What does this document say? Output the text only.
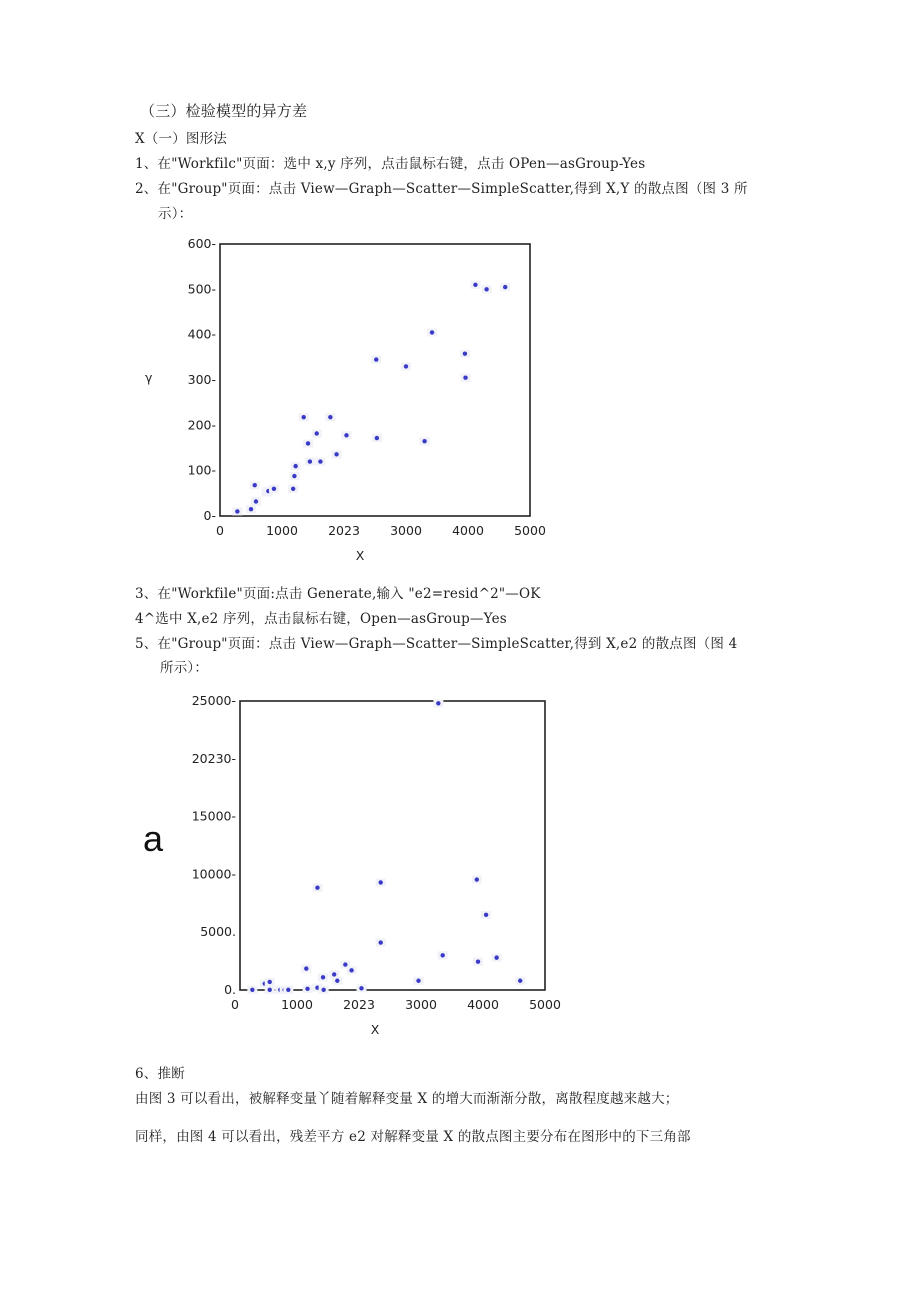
（三）检验模型的异方差
X（一）图形法
1、在"Workfilc"页面：选中 x,y 序列，点击鼠标右键，点击 OPen—asGroup-Yes
2、在"Group"页面：点击 View—Graph—Scatter—SimpleScatter,得到 X,Y 的散点图（图 3 所
示）：
0-
100-
200-
300-
400-
500-
600-
0	1000 2023 3000 4000 5000
X
γ
3、在"Workfile"页面:点击 Generate,输入 "e2=resid^2"—OK
4^选中 X,e2 序列，点击鼠标右键，Open—asGroup—Yes
5、在"Group"页面：点击 View—Graph—Scatter—SimpleScatter,得到 X,e2 的散点图（图 4
所示）：
0.
5000.
10000-
15000-
20230-
25000-
0	1000 2023 3000 4000 5000
X
a
6、推断
由图 3 可以看出，被解释变量丫随着解释变量 X 的增大而渐渐分散，离散程度越来越大；
同样，由图 4 可以看出，残差平方 e2 对解释变量 X 的散点图主要分布在图形中的下三角部
